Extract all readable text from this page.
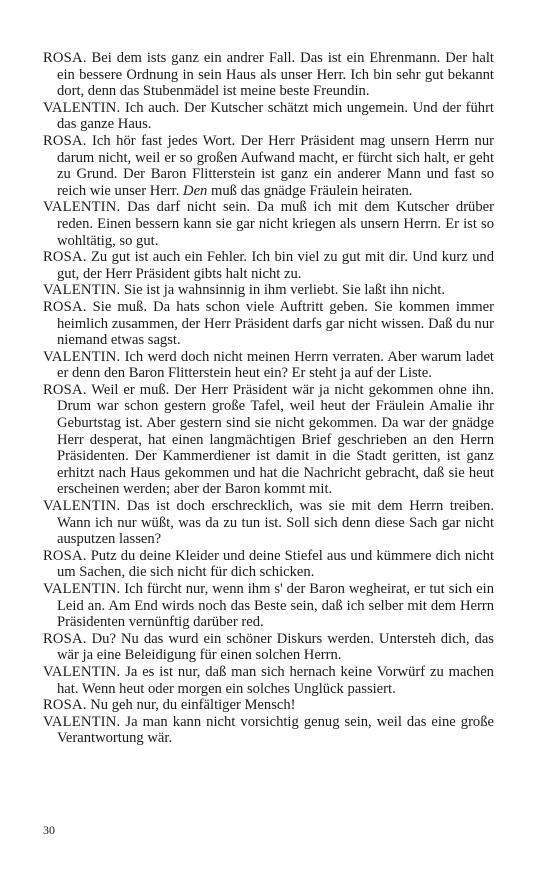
ROSA. Bei dem ists ganz ein andrer Fall. Das ist ein Ehrenmann. Der halt ein bessere Ordnung in sein Haus als unser Herr. Ich bin sehr gut bekannt dort, denn das Stubenmädel ist meine beste Freundin.

VALENTIN. Ich auch. Der Kutscher schätzt mich ungemein. Und der führt das ganze Haus.

ROSA. Ich hör fast jedes Wort. Der Herr Präsident mag unsern Herrn nur darum nicht, weil er so großen Aufwand macht, er fürcht sich halt, er geht zu Grund. Der Baron Flitterstein ist ganz ein anderer Mann und fast so reich wie unser Herr. Den muß das gnädge Fräulein heiraten.

VALENTIN. Das darf nicht sein. Da muß ich mit dem Kutscher drüber reden. Einen bessern kann sie gar nicht kriegen als unsern Herrn. Er ist so wohltätig, so gut.

ROSA. Zu gut ist auch ein Fehler. Ich bin viel zu gut mit dir. Und kurz und gut, der Herr Präsident gibts halt nicht zu.

VALENTIN. Sie ist ja wahnsinnig in ihm verliebt. Sie laßt ihn nicht.

ROSA. Sie muß. Da hats schon viele Auftritt geben. Sie kommen immer heimlich zusammen, der Herr Präsident darfs gar nicht wissen. Daß du nur niemand etwas sagst.

VALENTIN. Ich werd doch nicht meinen Herrn verraten. Aber warum ladet er denn den Baron Flitterstein heut ein? Er steht ja auf der Liste.

ROSA. Weil er muß. Der Herr Präsident wär ja nicht gekommen ohne ihn. Drum war schon gestern große Tafel, weil heut der Fräulein Amalie ihr Geburtstag ist. Aber gestern sind sie nicht gekommen. Da war der gnädge Herr desperat, hat einen langmächtigen Brief geschrieben an den Herrn Präsidenten. Der Kammerdiener ist damit in die Stadt geritten, ist ganz erhitzt nach Haus gekommen und hat die Nachricht gebracht, daß sie heut erscheinen werden; aber der Baron kommt mit.

VALENTIN. Das ist doch erschrecklich, was sie mit dem Herrn treiben. Wann ich nur wüßt, was da zu tun ist. Soll sich denn diese Sach gar nicht ausputzen lassen?

ROSA. Putz du deine Kleider und deine Stiefel aus und kümmere dich nicht um Sachen, die sich nicht für dich schicken.

VALENTIN. Ich fürcht nur, wenn ihm s' der Baron wegheirat, er tut sich ein Leid an. Am End wirds noch das Beste sein, daß ich selber mit dem Herrn Präsidenten vernünftig darüber red.

ROSA. Du? Nu das wurd ein schöner Diskurs werden. Untersteh dich, das wär ja eine Beleidigung für einen solchen Herrn.

VALENTIN. Ja es ist nur, daß man sich hernach keine Vorwürf zu machen hat. Wenn heut oder morgen ein solches Unglück passiert.

ROSA. Nu geh nur, du einfältiger Mensch!

VALENTIN. Ja man kann nicht vorsichtig genug sein, weil das eine große Verantwortung wär.

30
